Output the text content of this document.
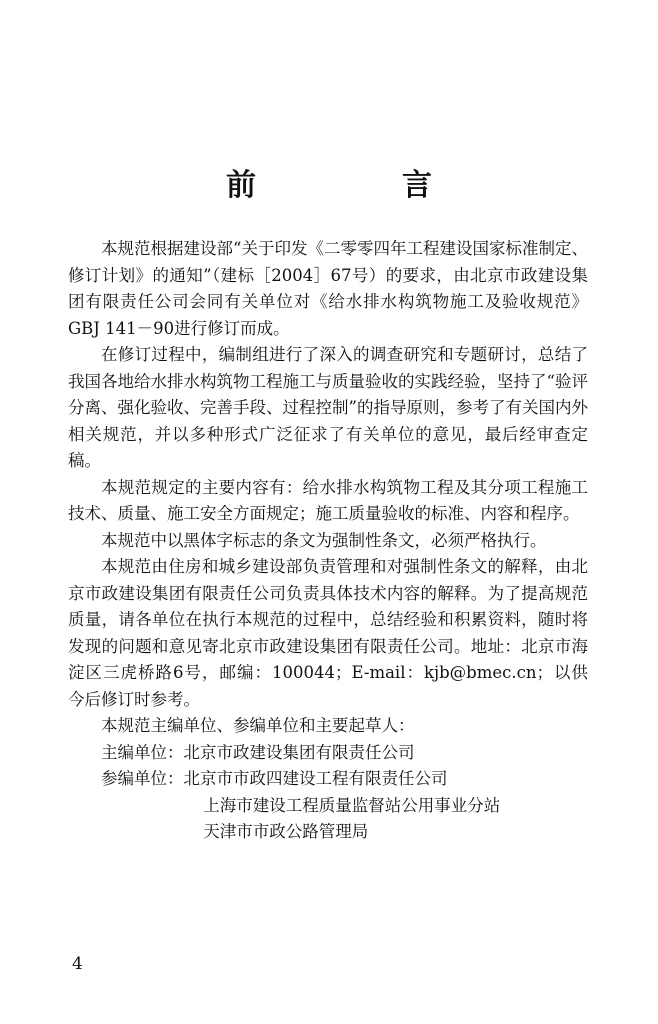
前　言

本规范根据建设部“关于印发《二零零四年工程建设国家标准制定、修订计划》的通知”（建标［2004］67号）的要求，由北京市政建设集团有限责任公司会同有关单位对《给水排水构筑物施工及验收规范》GBJ 141－90进行修订而成。

在修订过程中，编制组进行了深入的调查研究和专题研讨，总结了我国各地给水排水构筑物工程施工与质量验收的实践经验，坚持了“验评分离、强化验收、完善手段、过程控制”的指导原则，参考了有关国内外相关规范，并以多种形式广泛征求了有关单位的意见，最后经审查定稿。

本规范规定的主要内容有：给水排水构筑物工程及其分项工程施工技术、质量、施工安全方面规定；施工质量验收的标准、内容和程序。

本规范中以黑体字标志的条文为强制性条文，必须严格执行。

本规范由住房和城乡建设部负责管理和对强制性条文的解释，由北京市政建设集团有限责任公司负责具体技术内容的解释。为了提高规范质量，请各单位在执行本规范的过程中，总结经验和积累资料，随时将发现的问题和意见寄北京市政建设集团有限责任公司。地址：北京市海淀区三虎桥路6号，邮编：100044；E-mail：kjb@bmec.cn；以供今后修订时参考。

本规范主编单位、参编单位和主要起草人：

主编单位：北京市政建设集团有限责任公司
参编单位：北京市市政四建设工程有限责任公司
上海市建设工程质量监督站公用事业分站
天津市市政公路管理局
4
